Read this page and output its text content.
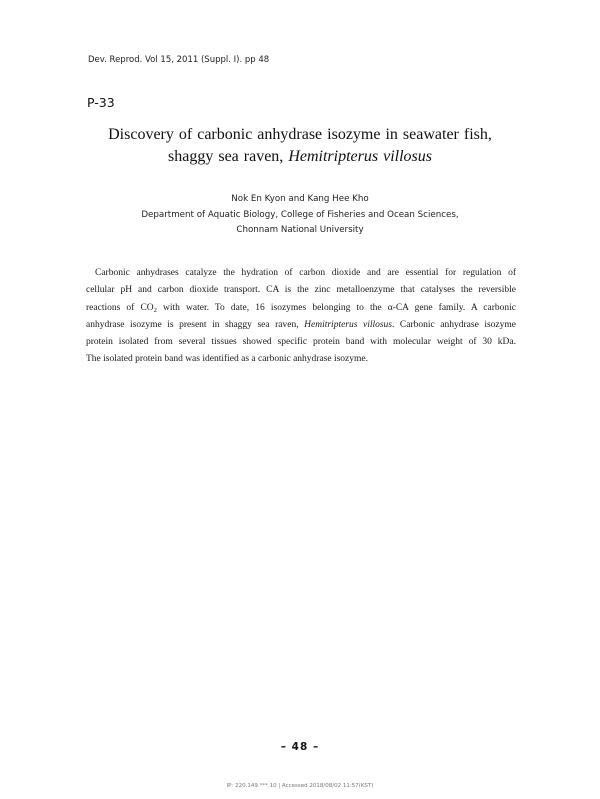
Dev. Reprod. Vol 15, 2011 (Suppl. Ⅰ). pp 48
P-33
Discovery of carbonic anhydrase isozyme in seawater fish,
shaggy sea raven, Hemitripterus villosus
Nok En Kyon and Kang Hee Kho
Department of Aquatic Biology, College of Fisheries and Ocean Sciences,
Chonnam National University

Carbonic anhydrases catalyze the hydration of carbon dioxide and are essential for regulation of
cellular pH and carbon dioxide transport. CA is the zinc metalloenzyme that catalyses the reversible
reactions of $CO_2$ with water. To date, 16 isozymes belonging to the α-CA gene family. A carbonic
anhydrase isozyme is present in shaggy sea raven, Hemitripterus villosus. Carbonic anhydrase isozyme
protein isolated from several tissues showed specific protein band with molecular weight of 30 kDa.
The isolated protein band was identified as a carbonic anhydrase isozyme.

– 48 –
IP: 220.149.***.10 | Accessed 2018/08/02 11:57(KST)
